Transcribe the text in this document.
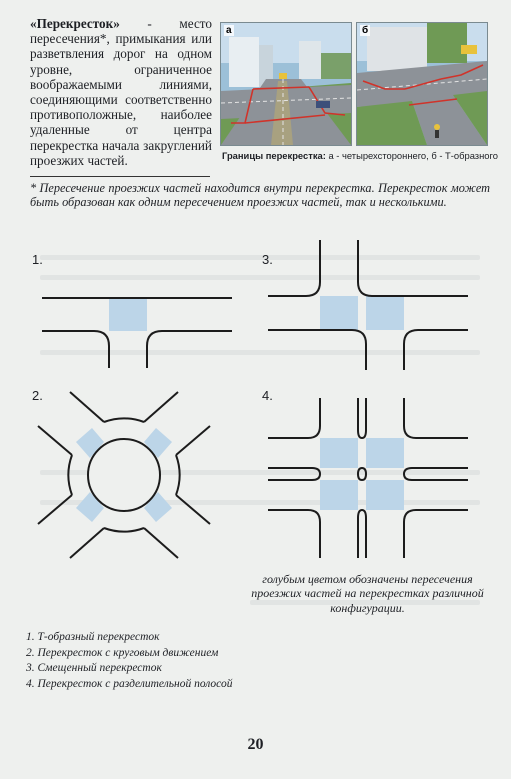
«Перекресток» - место пересечения*, примыкания или разветвления дорог на одном уровне, ограниченное воображаемыми линиями, соединяющими соответственно противоположные, наиболее удаленные от центра перекрестка начала закруглений проезжих частей.
а	б
Границы перекрестка: а - четырехстороннего, б - Т-образного
* Пересечение проезжих частей находится внутри перекрестка. Перекресток может быть образован как одним пересечением проезжих частей, так и несколькими.
1.	3.
2.	4.
голубым цветом обозначены пересечения проезжих частей на перекрестках различной конфигурации.
1. Т-образный перекресток
2. Перекресток с круговым движением
3. Смещенный перекресток
4. Перекресток с разделительной полосой
20
